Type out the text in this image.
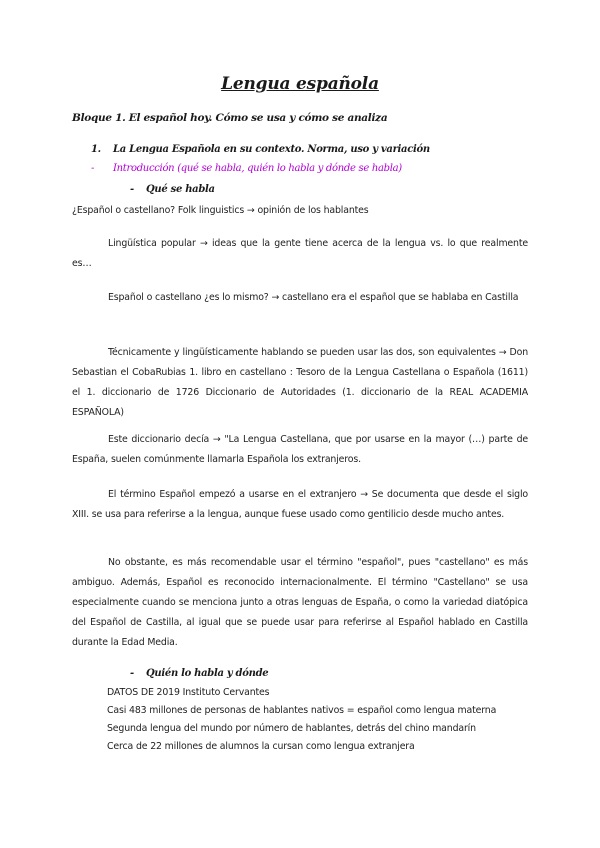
Lengua española
Bloque 1. El español hoy. Cómo se usa y cómo se analiza
1. La Lengua Española en su contexto. Norma, uso y variación
- Introducción (qué se habla, quién lo habla y dónde se habla)
- Qué se habla
¿Español o castellano? Folk linguistics → opinión de los hablantes
Lingüística popular → ideas que la gente tiene acerca de la lengua vs. lo que realmente es…
Español o castellano ¿es lo mismo? → castellano era el español que se hablaba en Castilla
Técnicamente y lingüísticamente hablando se pueden usar las dos, son equivalentes → Don Sebastian el CobaRubias 1. libro en castellano : Tesoro de la Lengua Castellana o Española (1611) el 1. diccionario de 1726 Diccionario de Autoridades (1. diccionario de la REAL ACADEMIA ESPAÑOLA)
Este diccionario decía → "La Lengua Castellana, que por usarse en la mayor (…) parte de España, suelen comúnmente llamarla Española los extranjeros.
El término Español empezó a usarse en el extranjero → Se documenta que desde el siglo XIII. se usa para referirse a la lengua, aunque fuese usado como gentilicio desde mucho antes.
No obstante, es más recomendable usar el término "español", pues "castellano" es más ambiguo. Además, Español es reconocido internacionalmente. El término "Castellano" se usa especialmente cuando se menciona junto a otras lenguas de España, o como la variedad diatópica del Español de Castilla, al igual que se puede usar para referirse al Español hablado en Castilla durante la Edad Media.
- Quién lo habla y dónde
DATOS DE 2019 Instituto Cervantes
Casi 483 millones de personas de hablantes nativos = español como lengua materna
Segunda lengua del mundo por número de hablantes, detrás del chino mandarín
Cerca de 22 millones de alumnos la cursan como lengua extranjera
